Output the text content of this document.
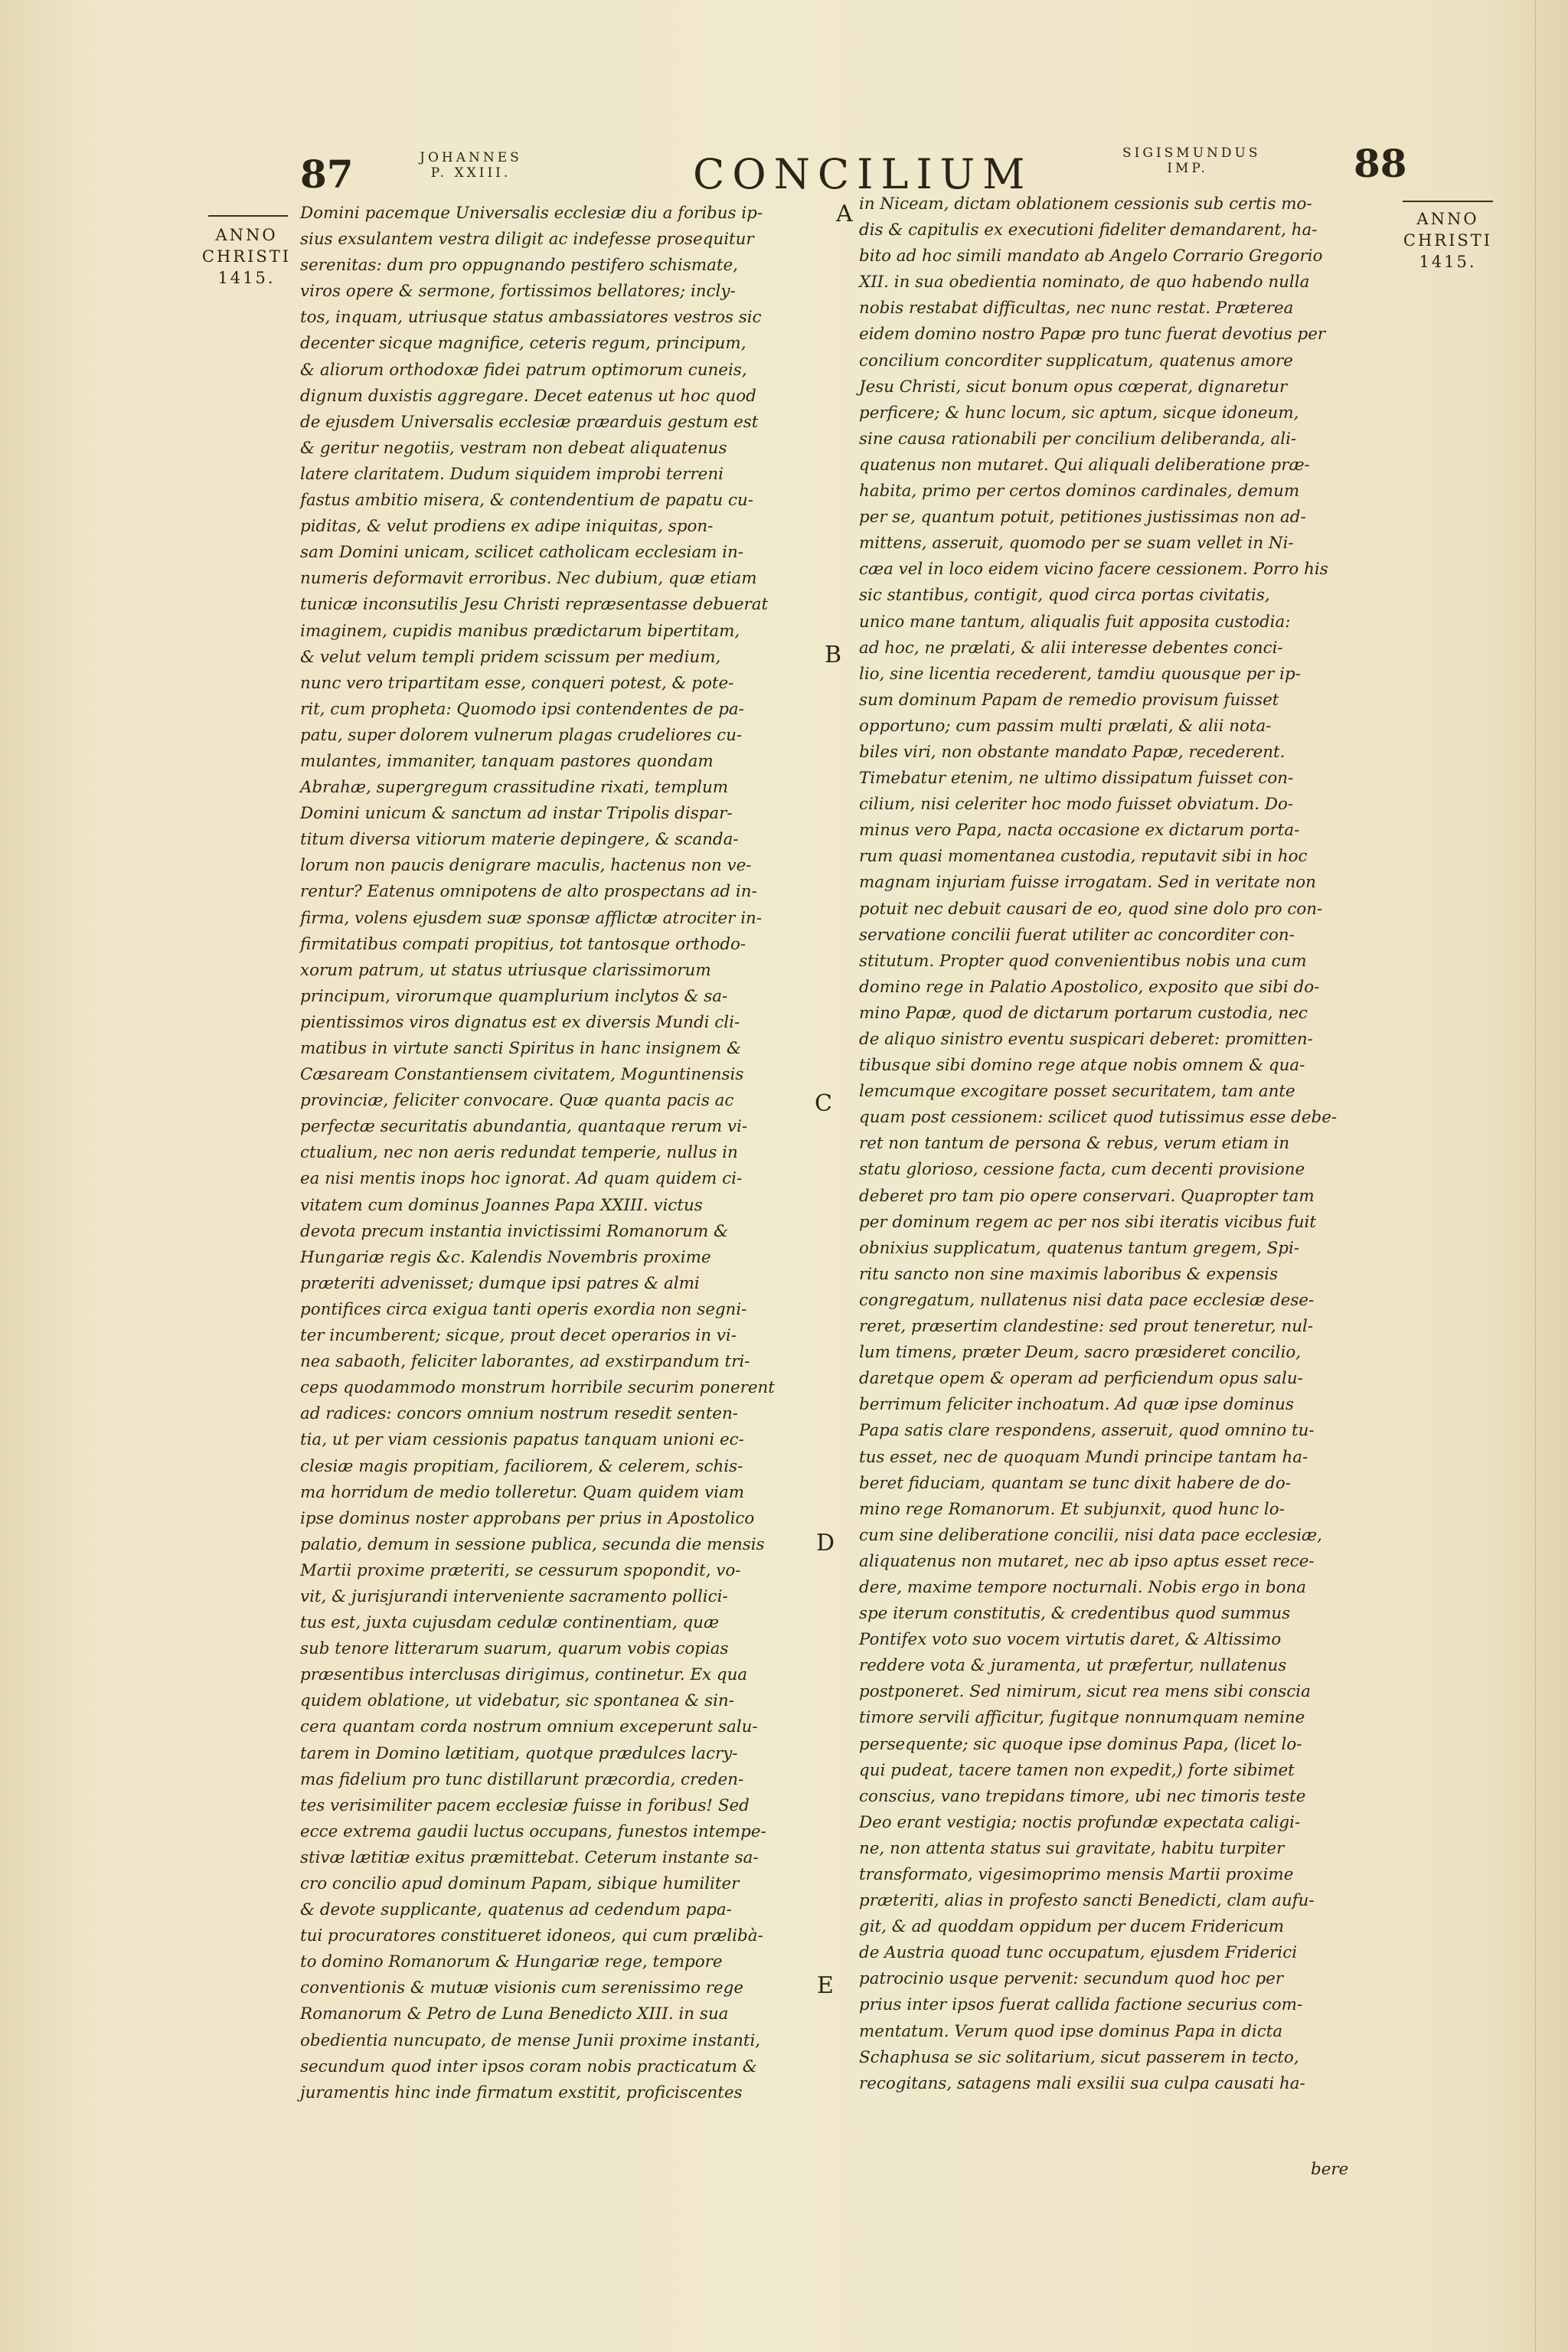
87	JOHANNES
P. XXIII.	CONCILIUM	SIGISMUNDUS
IMP.	88
ANNO
CHRISTI
1415.
ANNO
CHRISTI
1415.
A
B
C
D
E
Domini pacemque Universalis ecclesiæ diu a foribus ip-
sius exsulantem vestra diligit ac indefesse prosequitur
serenitas: dum pro oppugnando pestifero schismate,
viros opere & sermone, fortissimos bellatores; incly-
tos, inquam, utriusque status ambassiatores vestros sic
decenter sicque magnifice, ceteris regum, principum,
& aliorum orthodoxæ fidei patrum optimorum cuneis,
dignum duxistis aggregare. Decet eatenus ut hoc quod
de ejusdem Universalis ecclesiæ præarduis gestum est
& geritur negotiis, vestram non debeat aliquatenus
latere claritatem. Dudum siquidem improbi terreni
fastus ambitio misera, & contendentium de papatu cu-
piditas, & velut prodiens ex adipe iniquitas, spon-
sam Domini unicam, scilicet catholicam ecclesiam in-
numeris deformavit erroribus. Nec dubium, quæ etiam
tunicæ inconsutilis Jesu Christi repræsentasse debuerat
imaginem, cupidis manibus prædictarum bipertitam,
& velut velum templi pridem scissum per medium,
nunc vero tripartitam esse, conqueri potest, & pote-
rit, cum propheta: Quomodo ipsi contendentes de pa-
patu, super dolorem vulnerum plagas crudeliores cu-
mulantes, immaniter, tanquam pastores quondam
Abrahæ, supergregum crassitudine rixati, templum
Domini unicum & sanctum ad instar Tripolis dispar-
titum diversa vitiorum materie depingere, & scanda-
lorum non paucis denigrare maculis, hactenus non ve-
rentur? Eatenus omnipotens de alto prospectans ad in-
firma, volens ejusdem suæ sponsæ afflictæ atrociter in-
firmitatibus compati propitius, tot tantosque orthodo-
xorum patrum, ut status utriusque clarissimorum
principum, virorumque quamplurium inclytos & sa-
pientissimos viros dignatus est ex diversis Mundi cli-
matibus in virtute sancti Spiritus in hanc insignem &
Cæsaream Constantiensem civitatem, Moguntinensis
provinciæ, feliciter convocare. Quæ quanta pacis ac
perfectæ securitatis abundantia, quantaque rerum vi-
ctualium, nec non aeris redundat temperie, nullus in
ea nisi mentis inops hoc ignorat. Ad quam quidem ci-
vitatem cum dominus Joannes Papa XXIII. victus
devota precum instantia invictissimi Romanorum &
Hungariæ regis &c. Kalendis Novembris proxime
præteriti advenisset; dumque ipsi patres & almi
pontifices circa exigua tanti operis exordia non segni-
ter incumberent; sicque, prout decet operarios in vi-
nea sabaoth, feliciter laborantes, ad exstirpandum tri-
ceps quodammodo monstrum horribile securim ponerent
ad radices: concors omnium nostrum resedit senten-
tia, ut per viam cessionis papatus tanquam unioni ec-
clesiæ magis propitiam, faciliorem, & celerem, schis-
ma horridum de medio tolleretur. Quam quidem viam
ipse dominus noster approbans per prius in Apostolico
palatio, demum in sessione publica, secunda die mensis
Martii proxime præteriti, se cessurum spopondit, vo-
vit, & jurisjurandi interveniente sacramento pollici-
tus est, juxta cujusdam cedulæ continentiam, quæ
sub tenore litterarum suarum, quarum vobis copias
præsentibus interclusas dirigimus, continetur. Ex qua
quidem oblatione, ut videbatur, sic spontanea & sin-
cera quantam corda nostrum omnium exceperunt salu-
tarem in Domino lætitiam, quotque prædulces lacry-
mas fidelium pro tunc distillarunt præcordia, creden-
tes verisimiliter pacem ecclesiæ fuisse in foribus! Sed
ecce extrema gaudii luctus occupans, funestos intempe-
stivæ lætitiæ exitus præmittebat. Ceterum instante sa-
cro concilio apud dominum Papam, sibique humiliter
& devote supplicante, quatenus ad cedendum papa-
tui procuratores constitueret idoneos, qui cum prælibà-
to domino Romanorum & Hungariæ rege, tempore
conventionis & mutuæ visionis cum serenissimo rege
Romanorum & Petro de Luna Benedicto XIII. in sua
obedientia nuncupato, de mense Junii proxime instanti,
secundum quod inter ipsos coram nobis practicatum &
juramentis hinc inde firmatum exstitit, proficiscentes
in Niceam, dictam oblationem cessionis sub certis mo-
dis & capitulis ex executioni fideliter demandarent, ha-
bito ad hoc simili mandato ab Angelo Corrario Gregorio
XII. in sua obedientia nominato, de quo habendo nulla
nobis restabat difficultas, nec nunc restat. Præterea
eidem domino nostro Papæ pro tunc fuerat devotius per
concilium concorditer supplicatum, quatenus amore
Jesu Christi, sicut bonum opus cœperat, dignaretur
perficere; & hunc locum, sic aptum, sicque idoneum,
sine causa rationabili per concilium deliberanda, ali-
quatenus non mutaret. Qui aliquali deliberatione præ-
habita, primo per certos dominos cardinales, demum
per se, quantum potuit, petitiones justissimas non ad-
mittens, asseruit, quomodo per se suam vellet in Ni-
cæa vel in loco eidem vicino facere cessionem. Porro his
sic stantibus, contigit, quod circa portas civitatis,
unico mane tantum, aliqualis fuit apposita custodia:
ad hoc, ne prælati, & alii interesse debentes conci-
lio, sine licentia recederent, tamdiu quousque per ip-
sum dominum Papam de remedio provisum fuisset
opportuno; cum passim multi prælati, & alii nota-
biles viri, non obstante mandato Papæ, recederent.
Timebatur etenim, ne ultimo dissipatum fuisset con-
cilium, nisi celeriter hoc modo fuisset obviatum. Do-
minus vero Papa, nacta occasione ex dictarum porta-
rum quasi momentanea custodia, reputavit sibi in hoc
magnam injuriam fuisse irrogatam. Sed in veritate non
potuit nec debuit causari de eo, quod sine dolo pro con-
servatione concilii fuerat utiliter ac concorditer con-
stitutum. Propter quod convenientibus nobis una cum
domino rege in Palatio Apostolico, exposito que sibi do-
mino Papæ, quod de dictarum portarum custodia, nec
de aliquo sinistro eventu suspicari deberet: promitten-
tibusque sibi domino rege atque nobis omnem & qua-
lemcumque excogitare posset securitatem, tam ante
quam post cessionem: scilicet quod tutissimus esse debe-
ret non tantum de persona & rebus, verum etiam in
statu glorioso, cessione facta, cum decenti provisione
deberet pro tam pio opere conservari. Quapropter tam
per dominum regem ac per nos sibi iteratis vicibus fuit
obnixius supplicatum, quatenus tantum gregem, Spi-
ritu sancto non sine maximis laboribus & expensis
congregatum, nullatenus nisi data pace ecclesiæ dese-
reret, præsertim clandestine: sed prout teneretur, nul-
lum timens, præter Deum, sacro præsideret concilio,
daretque opem & operam ad perficiendum opus salu-
berrimum feliciter inchoatum. Ad quæ ipse dominus
Papa satis clare respondens, asseruit, quod omnino tu-
tus esset, nec de quoquam Mundi principe tantam ha-
beret fiduciam, quantam se tunc dixit habere de do-
mino rege Romanorum. Et subjunxit, quod hunc lo-
cum sine deliberatione concilii, nisi data pace ecclesiæ,
aliquatenus non mutaret, nec ab ipso aptus esset rece-
dere, maxime tempore nocturnali. Nobis ergo in bona
spe iterum constitutis, & credentibus quod summus
Pontifex voto suo vocem virtutis daret, & Altissimo
reddere vota & juramenta, ut præfertur, nullatenus
postponeret. Sed nimirum, sicut rea mens sibi conscia
timore servili afficitur, fugitque nonnumquam nemine
persequente; sic quoque ipse dominus Papa, (licet lo-
qui pudeat, tacere tamen non expedit,) forte sibimet
conscius, vano trepidans timore, ubi nec timoris teste
Deo erant vestigia; noctis profundæ expectata caligi-
ne, non attenta status sui gravitate, habitu turpiter
transformato, vigesimoprimo mensis Martii proxime
præteriti, alias in profesto sancti Benedicti, clam aufu-
git, & ad quoddam oppidum per ducem Fridericum
de Austria quoad tunc occupatum, ejusdem Friderici
patrocinio usque pervenit: secundum quod hoc per
prius inter ipsos fuerat callida factione securius com-
mentatum. Verum quod ipse dominus Papa in dicta
Schaphusa se sic solitarium, sicut passerem in tecto,
recogitans, satagens mali exsilii sua culpa causati ha-
bere
